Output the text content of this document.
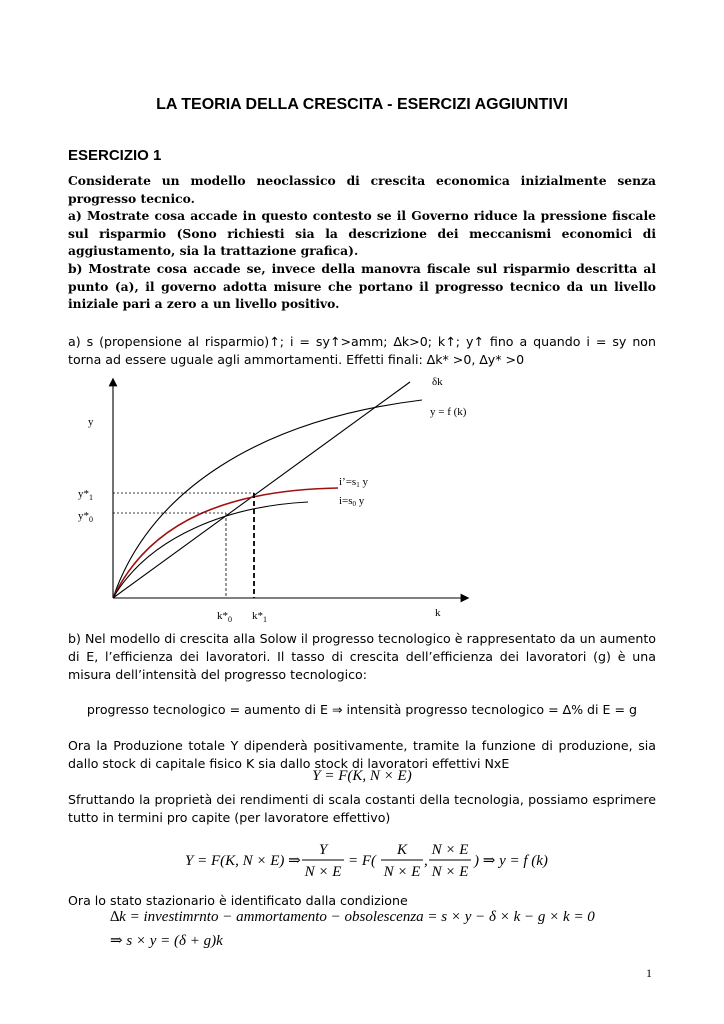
LA TEORIA DELLA CRESCITA - ESERCIZI AGGIUNTIVI
ESERCIZIO 1

Considerate un modello neoclassico di crescita economica inizialmente senza progresso tecnico.

a) Mostrate cosa accade in questo contesto se il Governo riduce la pressione fiscale sul risparmio (Sono richiesti sia la descrizione dei meccanismi economici di aggiustamento, sia la trattazione grafica).

b) Mostrate cosa accade se, invece della manovra fiscale sul risparmio descritta al punto (a), il governo adotta misure che portano il progresso tecnico da un livello iniziale pari a zero a un livello positivo.

a) s (propensione al risparmio)↑; i = sy↑>amm; ∆k>0; k↑; y↑ fino a quando i = sy non torna ad essere uguale agli ammortamenti. Effetti finali: ∆k* >0, ∆y* >0

y
k
$y*_1$
$y*_0$
$k*_0$ $k*_1$
δk
y = f (k)
i’=s1 y
i=s0 y

b) Nel modello di crescita alla Solow il progresso tecnologico è rappresentato da un aumento di E, l’efficienza dei lavoratori. Il tasso di crescita dell’efficienza dei lavoratori (g) è una misura dell’intensità del progresso tecnologico:

progresso tecnologico = aumento di E ⇒ intensità progresso tecnologico = ∆% di E = g

Ora la Produzione totale Y dipenderà positivamente, tramite la funzione di produzione, sia dallo stock di capitale fisico K sia dallo stock di lavoratori effettivi NxE

Y = F(K, N × E)

Sfruttando la proprietà dei rendimenti di scala costanti della tecnologia, possiamo esprimere tutto in termini pro capite (per lavoratore effettivo)

Y = F(K, N × E) ⇒
Y
N × E
= F(
K
N × E
,
N × E
N × E
) ⇒ y = f (k)

Ora lo stato stazionario è identificato dalla condizione

∆k = investimrnto − ammortamento − obsolescenza = s × y − δ × k − g × k = 0
⇒ s × y = (δ + g)k
1
